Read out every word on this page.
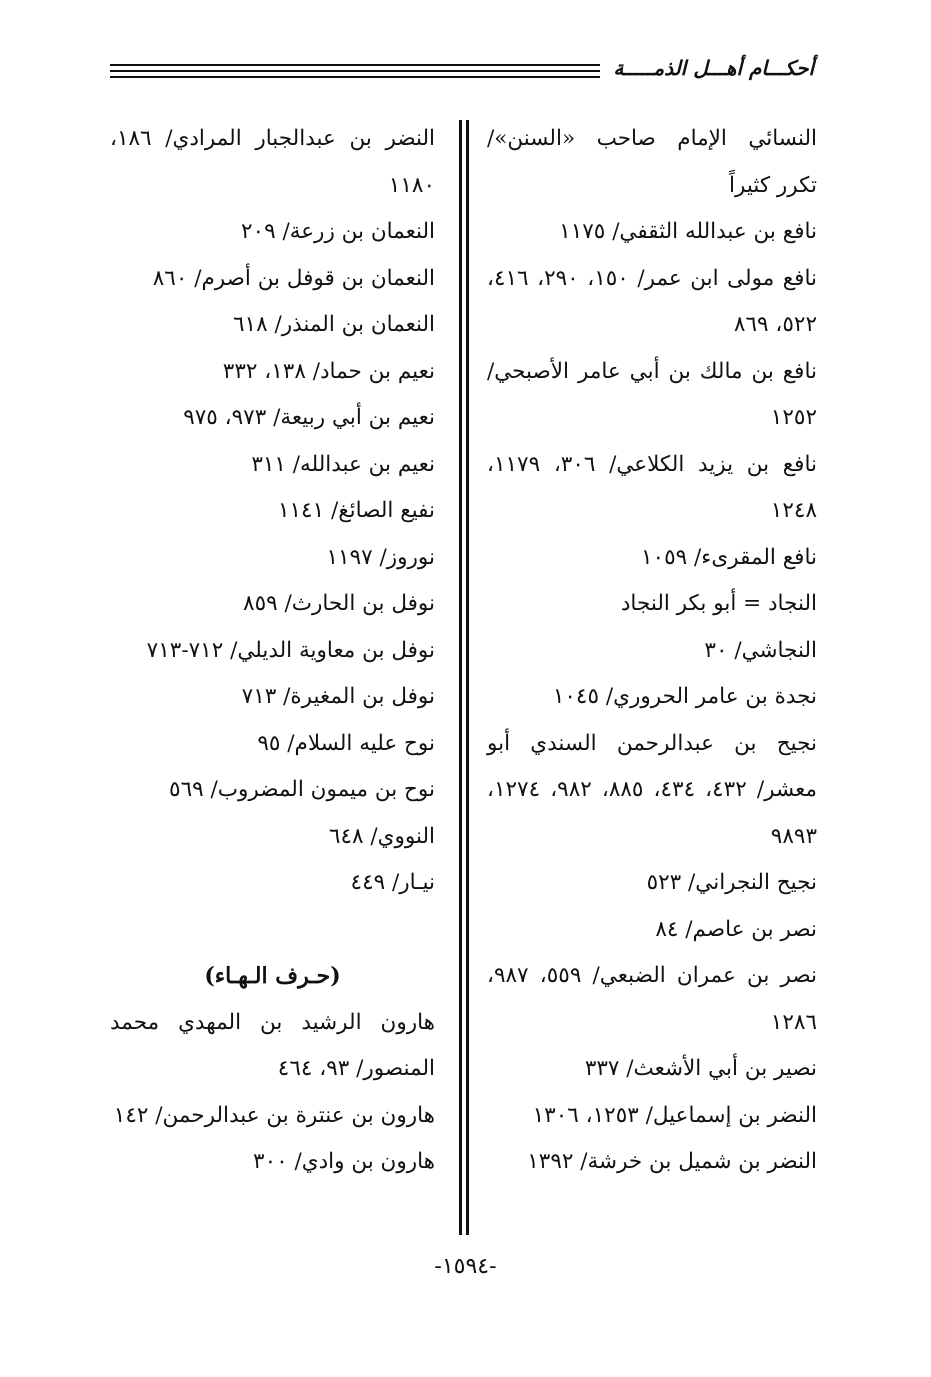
أحكـــام أهـــل الذمـــــة

النسائي الإمام صاحب «السنن»/ تكرر كثيراً

نافع بن عبدالله الثقفي/ ١١٧٥

نافع مولى ابن عمر/ ١٥٠، ٢٩٠، ٤١٦، ٥٢٢، ٨٦٩

نافع بن مالك بن أبي عامر الأصبحي/ ١٢٥٢

نافع بن يزيد الكلاعي/ ٣٠٦، ١١٧٩، ١٢٤٨

نافع المقرىء/ ١٠٥٩

النجاد = أبو بكر النجاد

النجاشي/ ٣٠

نجدة بن عامر الحروري/ ١٠٤٥

نجيح بن عبدالرحمن السندي أبو معشر/ ٤٣٢، ٤٣٤، ٨٨٥، ٩٨٢، ١٢٧٤، ٩٨٩٣

نجيح النجراني/ ٥٢٣

نصر بن عاصم/ ٨٤

نصر بن عمران الضبعي/ ٥٥٩، ٩٨٧، ١٢٨٦

نصير بن أبي الأشعث/ ٣٣٧

النضر بن إسماعيل/ ١٢٥٣، ١٣٠٦

النضر بن شميل بن خرشة/ ١٣٩٢

النضر بن عبدالجبار المرادي/ ١٨٦، ١١٨٠

النعمان بن زرعة/ ٢٠٩

النعمان بن قوفل بن أصرم/ ٨٦٠

النعمان بن المنذر/ ٦١٨

نعيم بن حماد/ ١٣٨، ٣٣٢

نعيم بن أبي ربيعة/ ٩٧٣، ٩٧٥

نعيم بن عبدالله/ ٣١١

نفيع الصائغ/ ١١٤١

نوروز/ ١١٩٧

نوفل بن الحارث/ ٨٥٩

نوفل بن معاوية الديلي/ ٧١٢-٧١٣

نوفل بن المغيرة/ ٧١٣

نوح عليه السلام/ ٩٥

نوح بن ميمون المضروب/ ٥٦٩

النووي/ ٦٤٨

نيـار/ ٤٤٩

(حـرف الـهـاء)

هارون الرشيد بن المهدي محمد المنصور/ ٩٣، ٤٦٤

هارون بن عنترة بن عبدالرحمن/ ١٤٢

هارون بن وادي/ ٣٠٠

-١٥٩٤-
